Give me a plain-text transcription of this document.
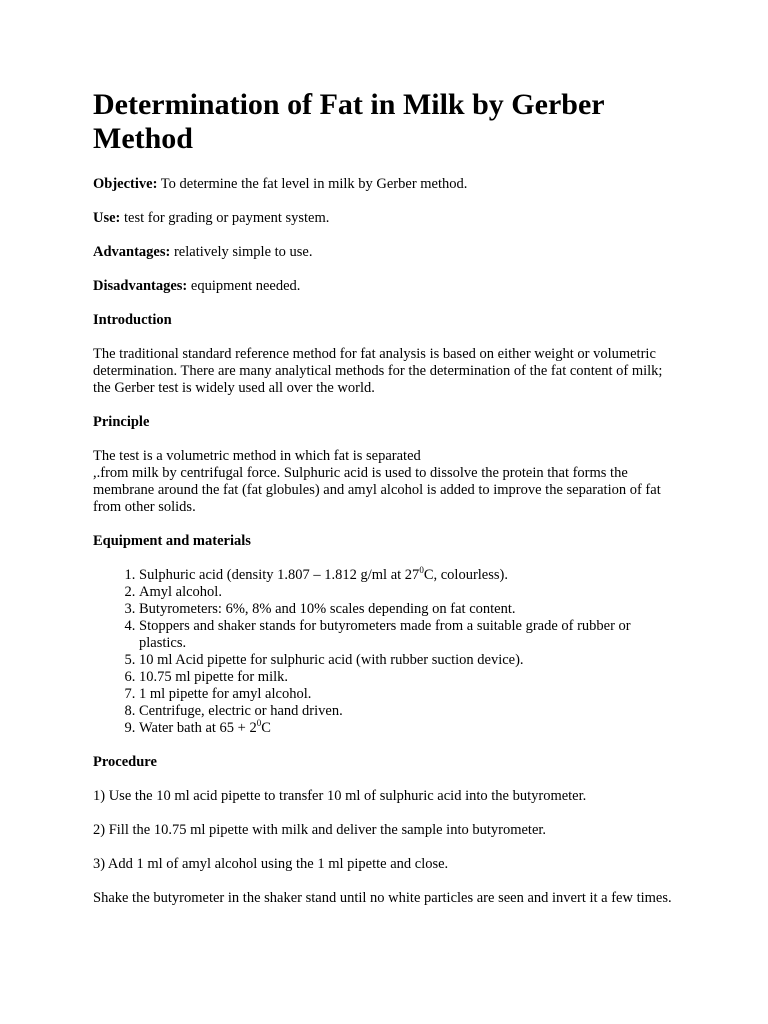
Determination of Fat in Milk by Gerber Method

Objective: To determine the fat level in milk by Gerber method.

Use: test for grading or payment system.

Advantages: relatively simple to use.

Disadvantages: equipment needed.

Introduction

The traditional standard reference method for fat analysis is based on either weight or volumetric determination. There are many analytical methods for the determination of the fat content of milk; the Gerber test is widely used all over the world.

Principle

The test is a volumetric method in which fat is separated
,.from milk by centrifugal force. Sulphuric acid is used to dissolve the protein that forms the membrane around the fat (fat globules) and amyl alcohol is added to improve the separation of fat from other solids.

Equipment and materials
1. Sulphuric acid (density 1.807 – 1.812 g/ml at $27^0C$, colourless).
2. Amyl alcohol.
3. Butyrometers: 6%, 8% and 10% scales depending on fat content.
4. Stoppers and shaker stands for butyrometers made from a suitable grade of rubber or plastics.
5. 10 ml Acid pipette for sulphuric acid (with rubber suction device).
6. 10.75 ml pipette for milk.
7. 1 ml pipette for amyl alcohol.
8. Centrifuge, electric or hand driven.
9. Water bath at $65 + 2^0C$
Procedure

1) Use the 10 ml acid pipette to transfer 10 ml of sulphuric acid into the butyrometer.

2) Fill the 10.75 ml pipette with milk and deliver the sample into butyrometer.

3) Add 1 ml of amyl alcohol using the 1 ml pipette and close.

Shake the butyrometer in the shaker stand until no white particles are seen and invert it a few times.
